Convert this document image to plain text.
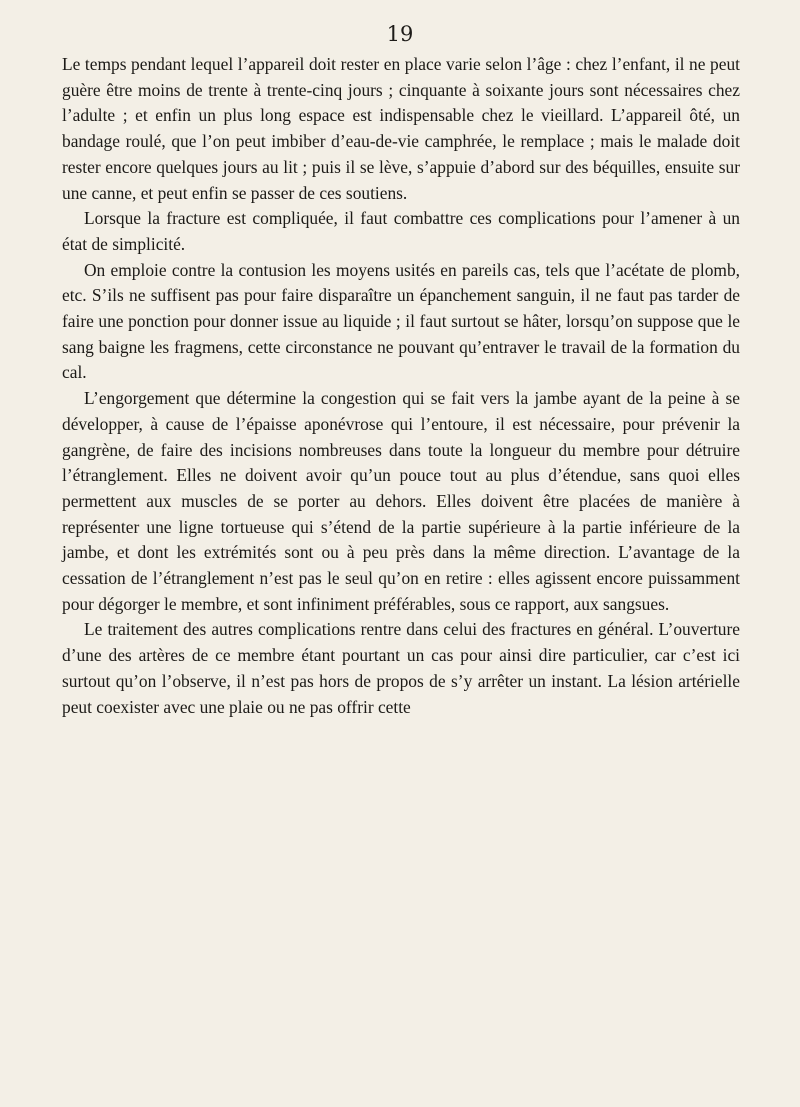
19

Le temps pendant lequel l’appareil doit rester en place varie selon l’âge : chez l’enfant, il ne peut guère être moins de trente à trente-cinq jours ; cinquante à soixante jours sont nécessaires chez l’adulte ; et enfin un plus long espace est indispensable chez le vieillard. L’appareil ôté, un bandage roulé, que l’on peut imbiber d’eau-de-vie camphrée, le remplace ; mais le malade doit rester encore quelques jours au lit ; puis il se lève, s’appuie d’abord sur des béquilles, ensuite sur une canne, et peut enfin se passer de ces soutiens.

Lorsque la fracture est compliquée, il faut combattre ces complications pour l’amener à un état de simplicité.

On emploie contre la contusion les moyens usités en pareils cas, tels que l’acétate de plomb, etc. S’ils ne suffisent pas pour faire disparaître un épanchement sanguin, il ne faut pas tarder de faire une ponction pour donner issue au liquide ; il faut surtout se hâter, lorsqu’on suppose que le sang baigne les fragmens, cette circonstance ne pouvant qu’entraver le travail de la formation du cal.

L’engorgement que détermine la congestion qui se fait vers la jambe ayant de la peine à se développer, à cause de l’épaisse aponévrose qui l’entoure, il est nécessaire, pour prévenir la gangrène, de faire des incisions nombreuses dans toute la longueur du membre pour détruire l’étranglement. Elles ne doivent avoir qu’un pouce tout au plus d’étendue, sans quoi elles permettent aux muscles de se porter au dehors. Elles doivent être placées de manière à représenter une ligne tortueuse qui s’étend de la partie supérieure à la partie inférieure de la jambe, et dont les extrémités sont ou à peu près dans la même direction. L’avantage de la cessation de l’étranglement n’est pas le seul qu’on en retire : elles agissent encore puissamment pour dégorger le membre, et sont infiniment préférables, sous ce rapport, aux sangsues.

Le traitement des autres complications rentre dans celui des fractures en général. L’ouverture d’une des artères de ce membre étant pourtant un cas pour ainsi dire particulier, car c’est ici surtout qu’on l’observe, il n’est pas hors de propos de s’y arrêter un instant. La lésion artérielle peut coexister avec une plaie ou ne pas offrir cette
